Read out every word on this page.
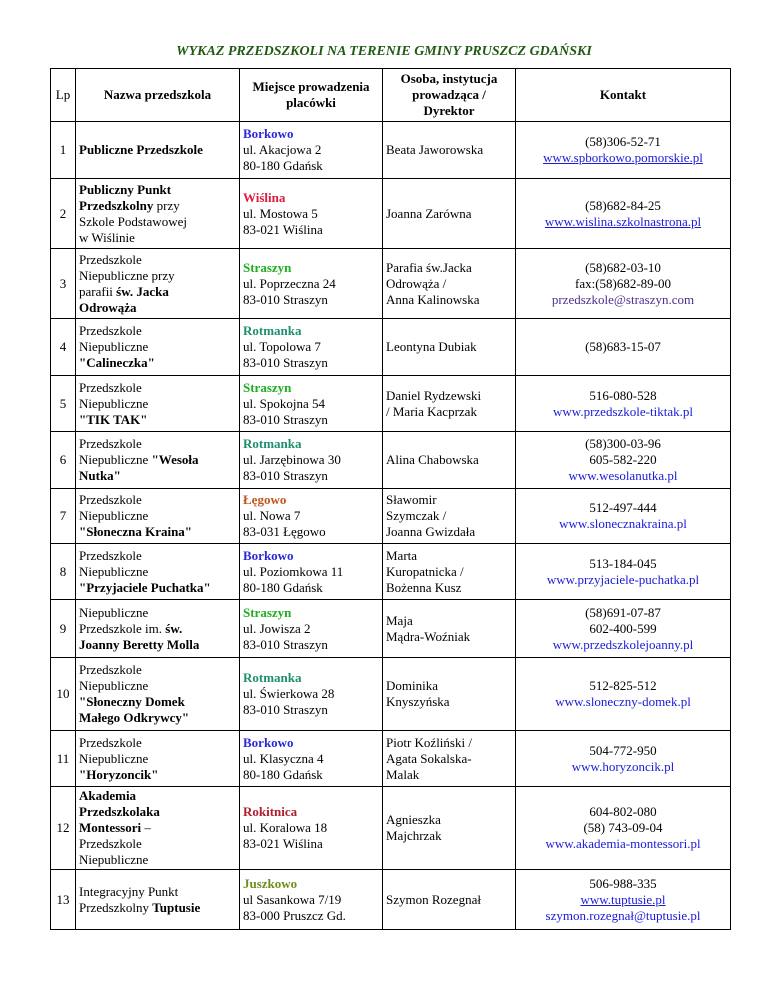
WYKAZ PRZEDSZKOLI NA TERENIE GMINY PRUSZCZ GDAŃSKI
Lp	Nazwa przedszkola	Miejsce prowadzenia placówki	Osoba, instytucja prowadząca / Dyrektor	Kontakt
1	Publiczne Przedszkole	Borkowo
ul. Akacjowa 2
80-180 Gdańsk	Beata Jaworowska	(58)306-52-71
www.spborkowo.pomorskie.pl

2	Publiczny Punkt
Przedszkolny przy
Szkole Podstawowej
w Wiślinie	Wiślina
ul. Mostowa 5
83-021 Wiślina	Joanna Zarówna	(58)682-84-25
www.wislina.szkolnastrona.pl

3	Przedszkole
Niepubliczne przy
parafii św. Jacka
Odrowąża	Straszyn
ul. Poprzeczna 24
83-010 Straszyn	Parafia św.Jacka
Odrowąża /
Anna Kalinowska	(58)682-03-10
fax:(58)682-89-00
przedszkole@straszyn.com

4	Przedszkole
Niepubliczne
"Calineczka"	Rotmanka
ul. Topolowa 7
83-010 Straszyn	Leontyna Dubiak	(58)683-15-07

5	Przedszkole
Niepubliczne
"TIK TAK"	Straszyn
ul. Spokojna 54
83-010 Straszyn	Daniel Rydzewski
/ Maria Kacprzak	516-080-528
www.przedszkole-tiktak.pl

6	Przedszkole
Niepubliczne "Wesoła
Nutka"	Rotmanka
ul. Jarzębinowa 30
83-010 Straszyn	Alina Chabowska	(58)300-03-96
605-582-220
www.wesolanutka.pl

7	Przedszkole
Niepubliczne
"Słoneczna Kraina"	Łęgowo
ul. Nowa 7
83-031 Łęgowo	Sławomir
Szymczak /
Joanna Gwizdała	512-497-444
www.slonecznakraina.pl

8	Przedszkole
Niepubliczne
"Przyjaciele Puchatka"	Borkowo
ul. Poziomkowa 11
80-180 Gdańsk	Marta
Kuropatnicka /
Bożenna Kusz	513-184-045
www.przyjaciele-puchatka.pl

9	Niepubliczne
Przedszkole im. św.
Joanny Beretty Molla	Straszyn
ul. Jowisza 2
83-010 Straszyn	Maja
Mądra-Woźniak	(58)691-07-87
602-400-599
www.przedszkolejoanny.pl

10	Przedszkole
Niepubliczne
"Słoneczny Domek
Małego Odkrywcy"	Rotmanka
ul. Świerkowa 28
83-010 Straszyn	Dominika
Knyszyńska	512-825-512
www.sloneczny-domek.pl

11	Przedszkole
Niepubliczne
"Horyzoncik"	Borkowo
ul. Klasyczna 4
80-180 Gdańsk	Piotr Koźliński /
Agata Sokalska-
Malak	504-772-950
www.horyzoncik.pl

12	Akademia
Przedszkolaka
Montessori –
Przedszkole
Niepubliczne	Rokitnica
ul. Koralowa 18
83-021 Wiślina	Agnieszka
Majchrzak	604-802-080
(58) 743-09-04
www.akademia-montessori.pl

13	Integracyjny Punkt
Przedszkolny Tuptusie	Juszkowo
ul Sasankowa 7/19
83-000 Pruszcz Gd.	Szymon Rozegnał	506-988-335
www.tuptusie.pl
szymon.rozegnał@tuptusie.pl
